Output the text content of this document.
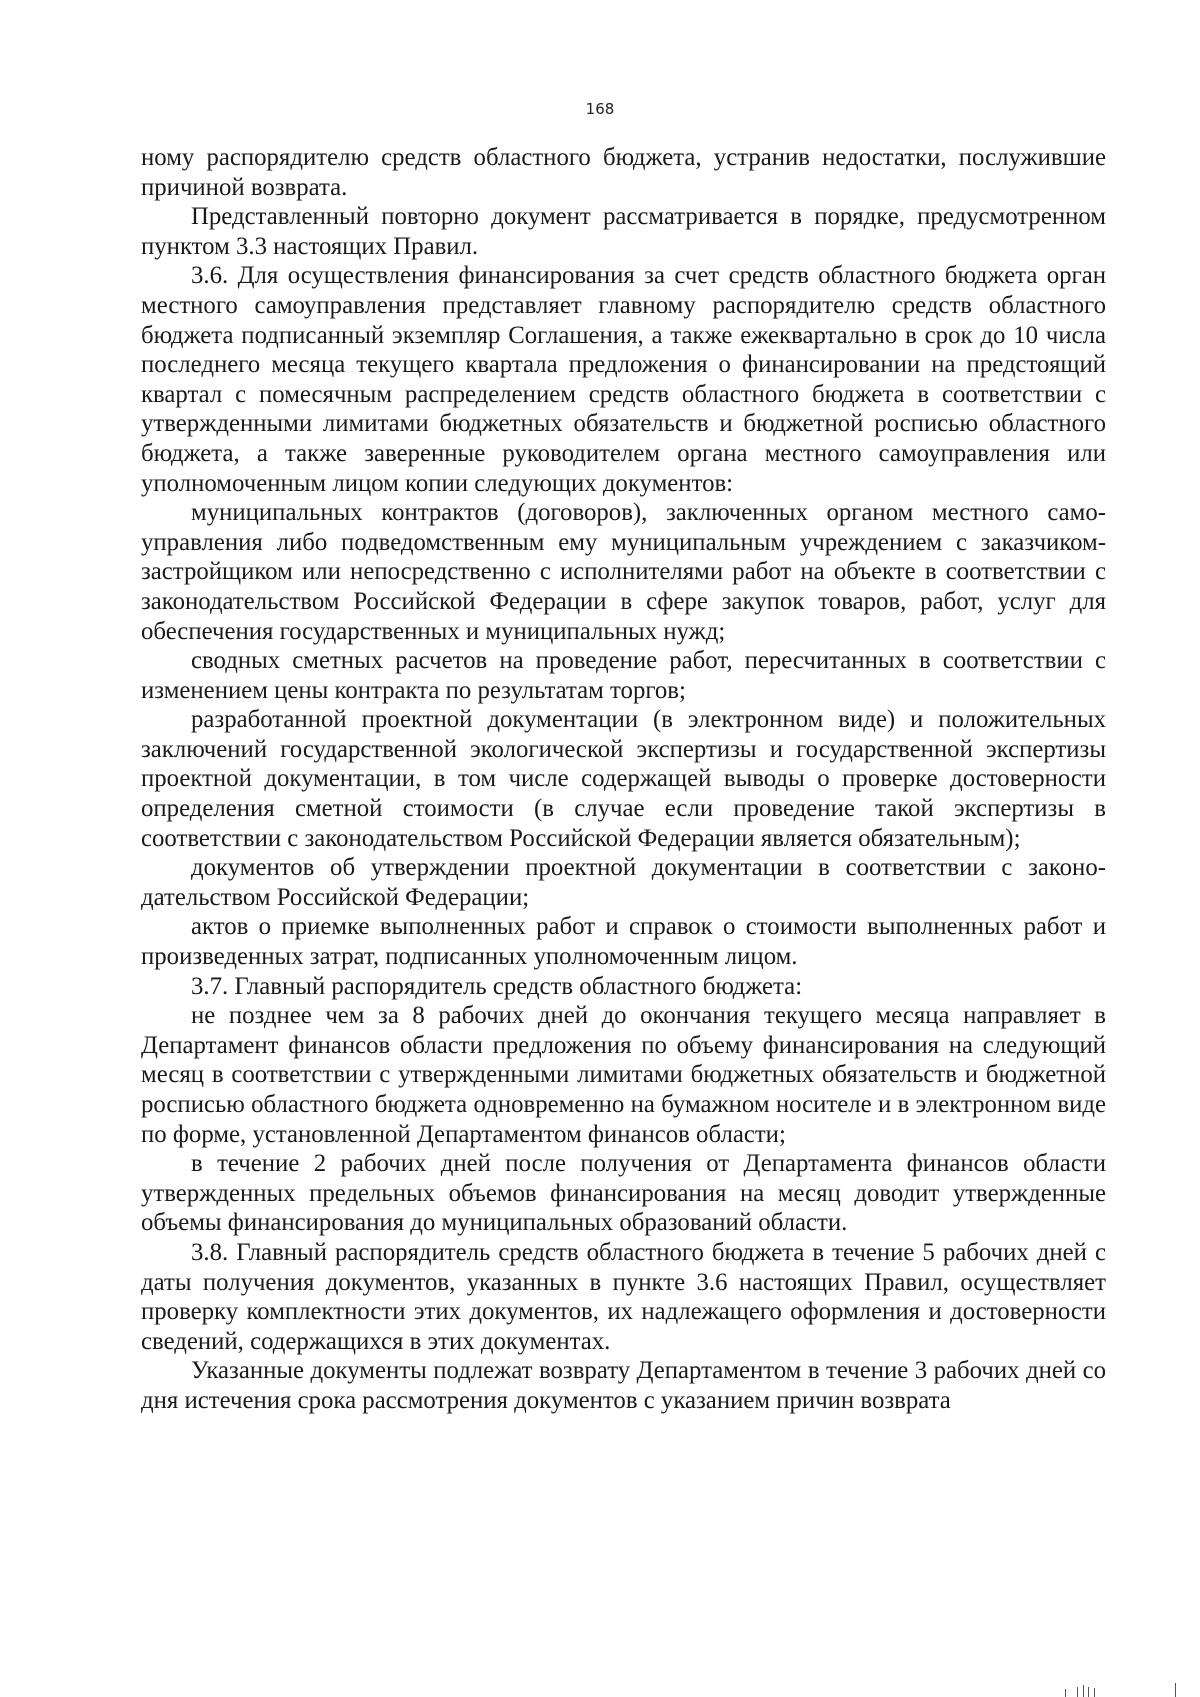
168

ному распорядителю средств областного бюджета, устранив недостатки, послужившие причиной возврата.

Представленный повторно документ рассматривается в порядке, предусмотренном пунктом 3.3 настоящих Правил.

3.6. Для осуществления финансирования за счет средств областного бюджета орган местного самоуправления представляет главному распорядителю средств областного бюджета подписанный экземпляр Соглашения, а также ежеквартально в срок до 10 числа последнего месяца текущего квартала предложения о финансировании на предстоящий квартал с помесячным распределением средств областного бюджета в соответствии с утвержденными лимитами бюджетных обязательств и бюджетной росписью областного бюджета, а также заверенные руководителем органа местного самоуправления или уполномоченным лицом копии следующих документов:

муниципальных контрактов (договоров), заключенных органом местного самоуправления либо подведомственным ему муниципальным учреждением с заказчиком-застройщиком или непосредственно с исполнителями работ на объекте в соответствии с законодательством Российской Федерации в сфере закупок товаров, работ, услуг для обеспечения государственных и муниципальных нужд;

сводных сметных расчетов на проведение работ, пересчитанных в соответствии с изменением цены контракта по результатам торгов;

разработанной проектной документации (в электронном виде) и положительных заключений государственной экологической экспертизы и государственной экспертизы проектной документации, в том числе содержащей выводы о проверке достоверности определения сметной стоимости (в случае если проведение такой экспертизы в соответствии с законодательством Российской Федерации является обязательным);

документов об утверждении проектной документации в соответствии с законодательством Российской Федерации;

актов о приемке выполненных работ и справок о стоимости выполненных работ и произведенных затрат, подписанных уполномоченным лицом.

3.7. Главный распорядитель средств областного бюджета:

не позднее чем за 8 рабочих дней до окончания текущего месяца направляет в Департамент финансов области предложения по объему финансирования на следующий месяц в соответствии с утвержденными лимитами бюджетных обязательств и бюджетной росписью областного бюджета одновременно на бумажном носителе и в электронном виде по форме, установленной Департаментом финансов области;

в течение 2 рабочих дней после получения от Департамента финансов области утвержденных предельных объемов финансирования на месяц доводит утвержденные объемы финансирования до муниципальных образований области.

3.8. Главный распорядитель средств областного бюджета в течение 5 рабочих дней с даты получения документов, указанных в пункте 3.6 настоящих Правил, осуществляет проверку комплектности этих документов, их надлежащего оформления и достоверности сведений, содержащихся в этих документах.

Указанные документы подлежат возврату Департаментом в течение 3 рабочих дней со дня истечения срока рассмотрения документов с указанием причин возврата
